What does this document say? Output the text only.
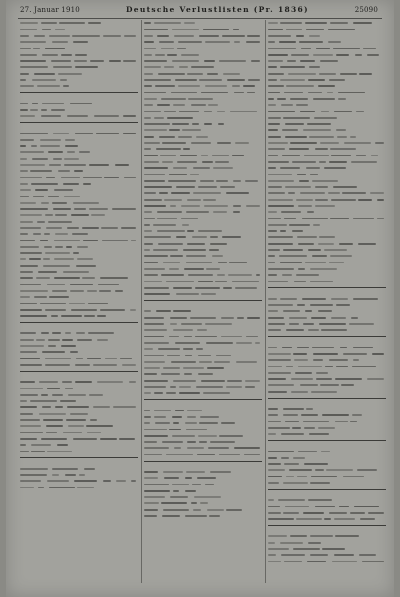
27. Januar 1910	Deutsche Verlustlisten (Pr. 1836)	25090
